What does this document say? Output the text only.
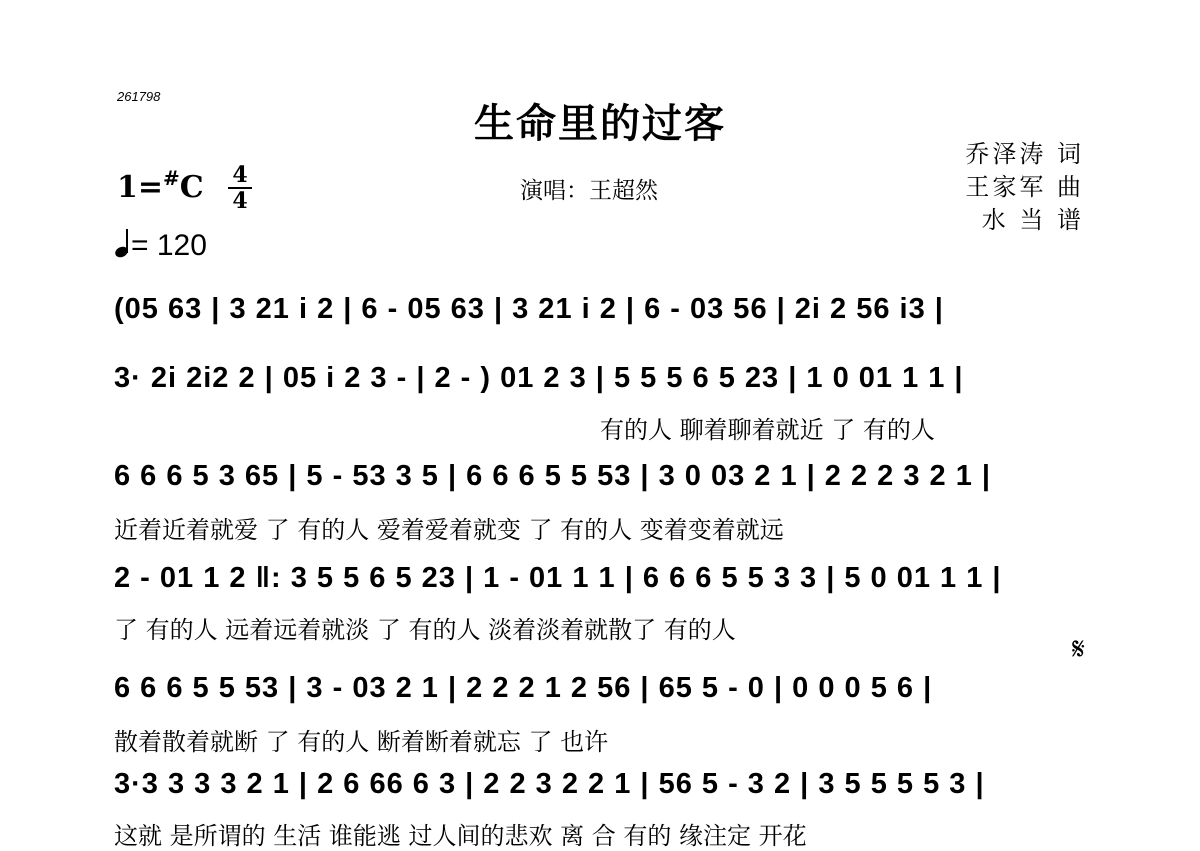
261798
生命里的过客
乔泽涛 词
王家军 曲
水 当 谱
1=#C 4
4	演唱：王超然
= 120
(05 63 | 3 21 i 2 | 6 - 05 63 | 3 21 i 2 | 6 - 03 56 | 2i 2 56 i3 |
3· 2i 2i2 2 | 05 i 2 3 - | 2 - ) 01 2 3 | 5 5 5 6 5 23 | 1 0 01 1 1 |
有的人 聊着聊着就近 了 有的人
6 6 6 5 3 65 | 5 - 53 3 5 | 6 6 6 5 5 53 | 3 0 03 2 1 | 2 2 2 3 2 1 |
近着近着就爱 了 有的人 爱着爱着就变 了 有的人 变着变着就远
2 - 01 1 2 ‖: 3 5 5 6 5 23 | 1 - 01 1 1 | 6 6 6 5 5 3 3 | 5 0 01 1 1 |
了 有的人 远着远着就淡 了 有的人 淡着淡着就散了 有的人
𝄋
6 6 6 5 5 53 | 3 - 03 2 1 | 2 2 2 1 2 56 | 65 5 - 0 | 0 0 0 5 6 |
散着散着就断 了 有的人 断着断着就忘 了 也许
3·3 3 3 3 2 1 | 2 6 66 6 3 | 2 2 3 2 2 1 | 56 5 - 3 2 | 3 5 5 5 5 3 |
这就 是所谓的 生活 谁能逃 过人间的悲欢 离 合 有的 缘注定 开花
